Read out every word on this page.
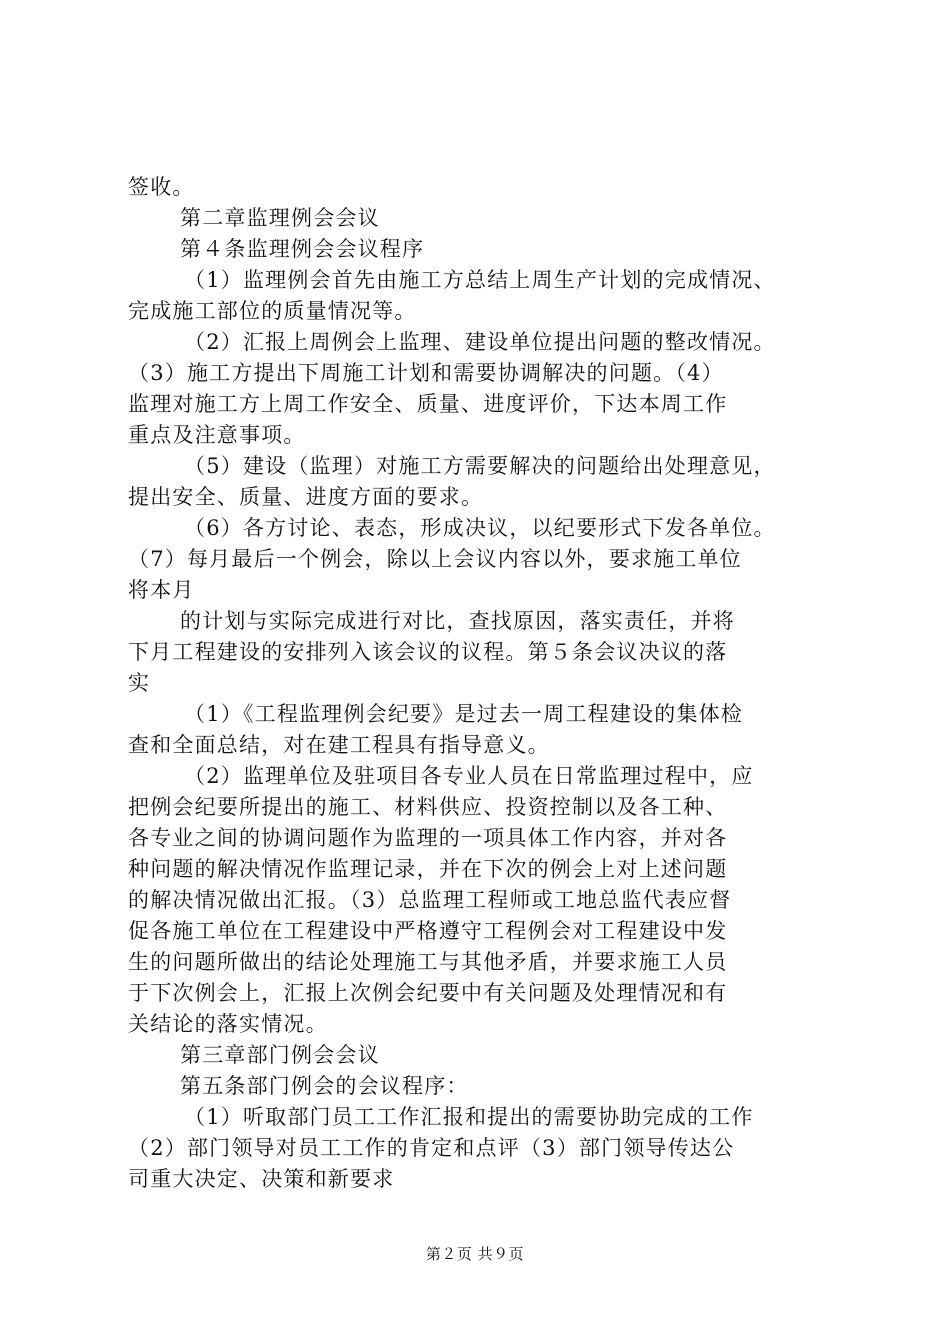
签收。
第二章监理例会会议
第４条监理例会会议程序
（1）监理例会首先由施工方总结上周生产计划的完成情况、
完成施工部位的质量情况等。
（2）汇报上周例会上监理、建设单位提出问题的整改情况。
（3）施工方提出下周施工计划和需要协调解决的问题。（4）
监理对施工方上周工作安全、质量、进度评价，下达本周工作
重点及注意事项。
（5）建设（监理）对施工方需要解决的问题给出处理意见，
提出安全、质量、进度方面的要求。
（6）各方讨论、表态，形成决议，以纪要形式下发各单位。
（7）每月最后一个例会，除以上会议内容以外，要求施工单位
将本月
的计划与实际完成进行对比，查找原因，落实责任，并将
下月工程建设的安排列入该会议的议程。第５条会议决议的落
实
（1）《工程监理例会纪要》是过去一周工程建设的集体检
查和全面总结，对在建工程具有指导意义。
（2）监理单位及驻项目各专业人员在日常监理过程中，应
把例会纪要所提出的施工、材料供应、投资控制以及各工种、
各专业之间的协调问题作为监理的一项具体工作内容，并对各
种问题的解决情况作监理记录，并在下次的例会上对上述问题
的解决情况做出汇报。（3）总监理工程师或工地总监代表应督
促各施工单位在工程建设中严格遵守工程例会对工程建设中发
生的问题所做出的结论处理施工与其他矛盾，并要求施工人员
于下次例会上，汇报上次例会纪要中有关问题及处理情况和有
关结论的落实情况。
第三章部门例会会议
第五条部门例会的会议程序：
（1）听取部门员工工作汇报和提出的需要协助完成的工作
（2）部门领导对员工工作的肯定和点评（3）部门领导传达公
司重大决定、决策和新要求
第２页 共９页
